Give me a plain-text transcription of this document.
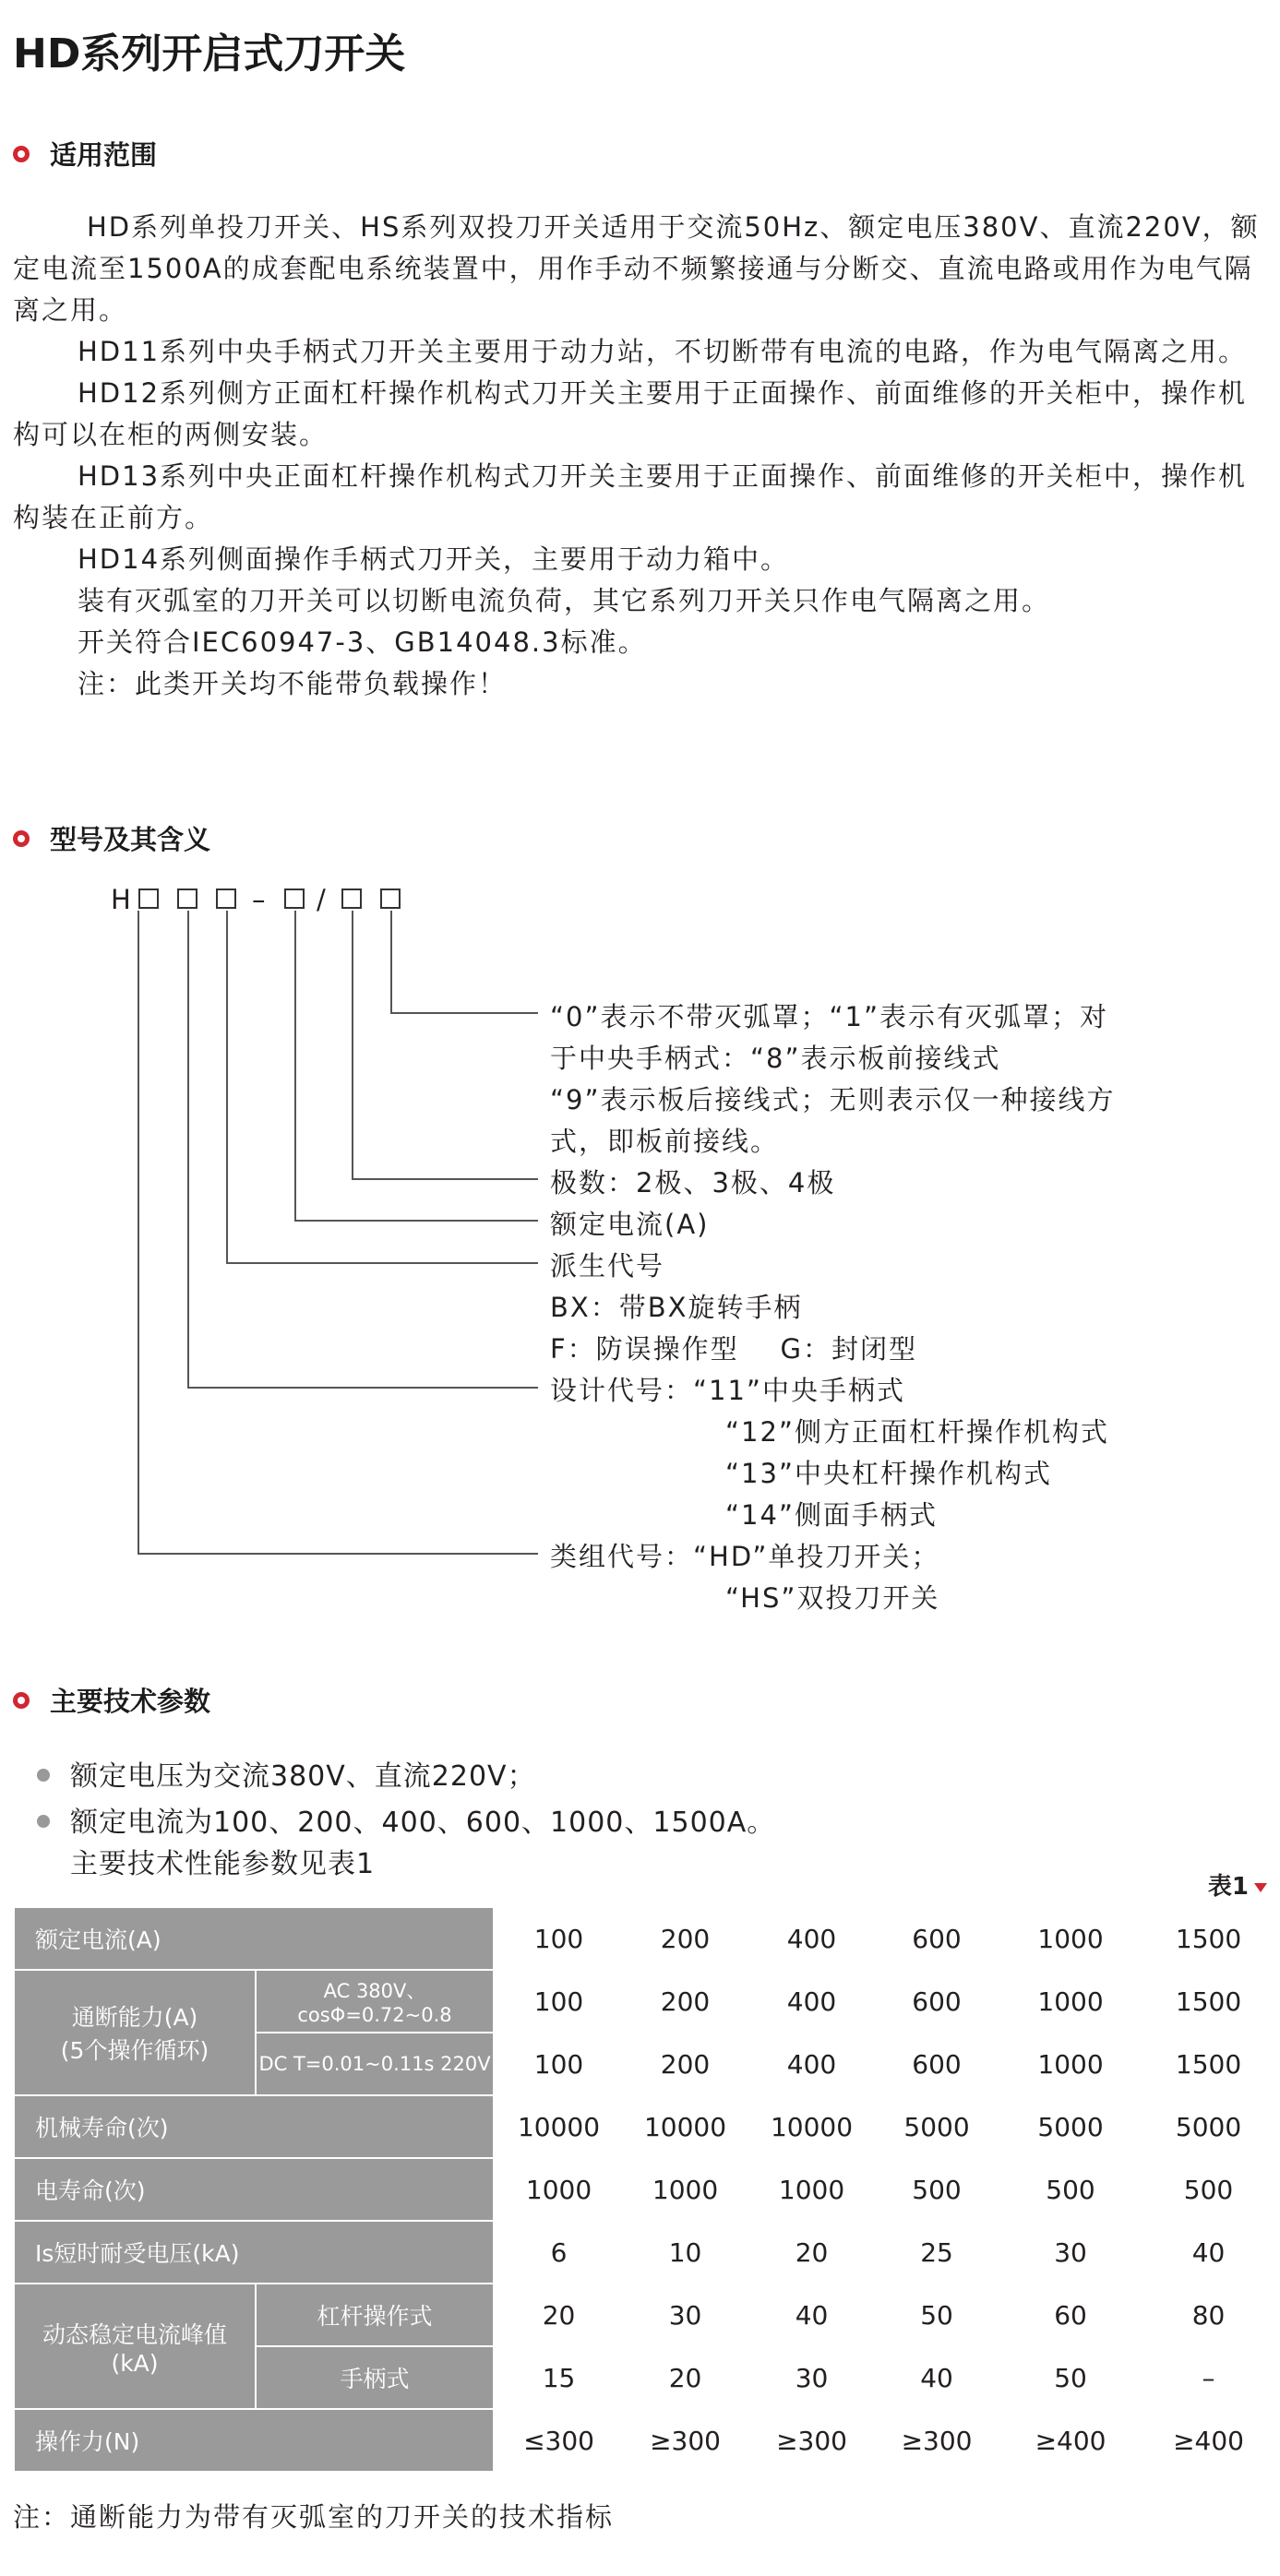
HD系列开启式刀开关
适用范围

HD系列单投刀开关、HS系列双投刀开关适用于交流50Hz、额定电压380V、直流220V，额定电流至1500A的成套配电系统装置中，用作手动不频繁接通与分断交、直流电路或用作为电气隔离之用。

HD11系列中央手柄式刀开关主要用于动力站，不切断带有电流的电路，作为电气隔离之用。

HD12系列侧方正面杠杆操作机构式刀开关主要用于正面操作、前面维修的开关柜中，操作机构可以在柜的两侧安装。

HD13系列中央正面杠杆操作机构式刀开关主要用于正面操作、前面维修的开关柜中，操作机构装在正前方。

HD14系列侧面操作手柄式刀开关，主要用于动力箱中。

装有灭弧室的刀开关可以切断电流负荷，其它系列刀开关只作电气隔离之用。

开关符合IEC60947-3、GB14048.3标准。

注：此类开关均不能带负载操作！

型号及其含义
H	– /
“0”表示不带灭弧罩；“1”表示有灭弧罩；对
于中央手柄式：“8”表示板前接线式
“9”表示板后接线式；无则表示仅一种接线方
式，即板前接线。
极数：2极、3极、4极
额定电流(A)
派生代号
BX：带BX旋转手柄
F：防误操作型    G：封闭型
设计代号：“11”中央手柄式
“12”侧方正面杠杆操作机构式
“13”中央杠杆操作机构式
“14”侧面手柄式
类组代号：“HD”单投刀开关；
“HS”双投刀开关
主要技术参数
额定电压为交流380V、直流220V；
额定电流为100、200、400、600、1000、1500A。
主要技术性能参数见表1
表1
额定电流(A)		100	200	400	600	1000	1500

通断能力(A)
(5个操作循环)	AC 380V、cosΦ=0.72~0.8	100	200	400	600	1000	1500
	DC T=0.01~0.11s 220V	100	200	400	600	1000	1500
机械寿命(次)		10000	10000	10000	5000	5000	5000
电寿命(次)		1000	1000	1000	500	500	500
Is短时耐受电压(kA)		6	10	20	25	30	40

动态稳定电流峰值
(kA)	杠杆操作式	20	30	40	50	60	80
	手柄式	15	20	30	40	50	–
操作力(N)		≤300	≥300	≥300	≥300	≥400	≥400
注：通断能力为带有灭弧室的刀开关的技术指标
